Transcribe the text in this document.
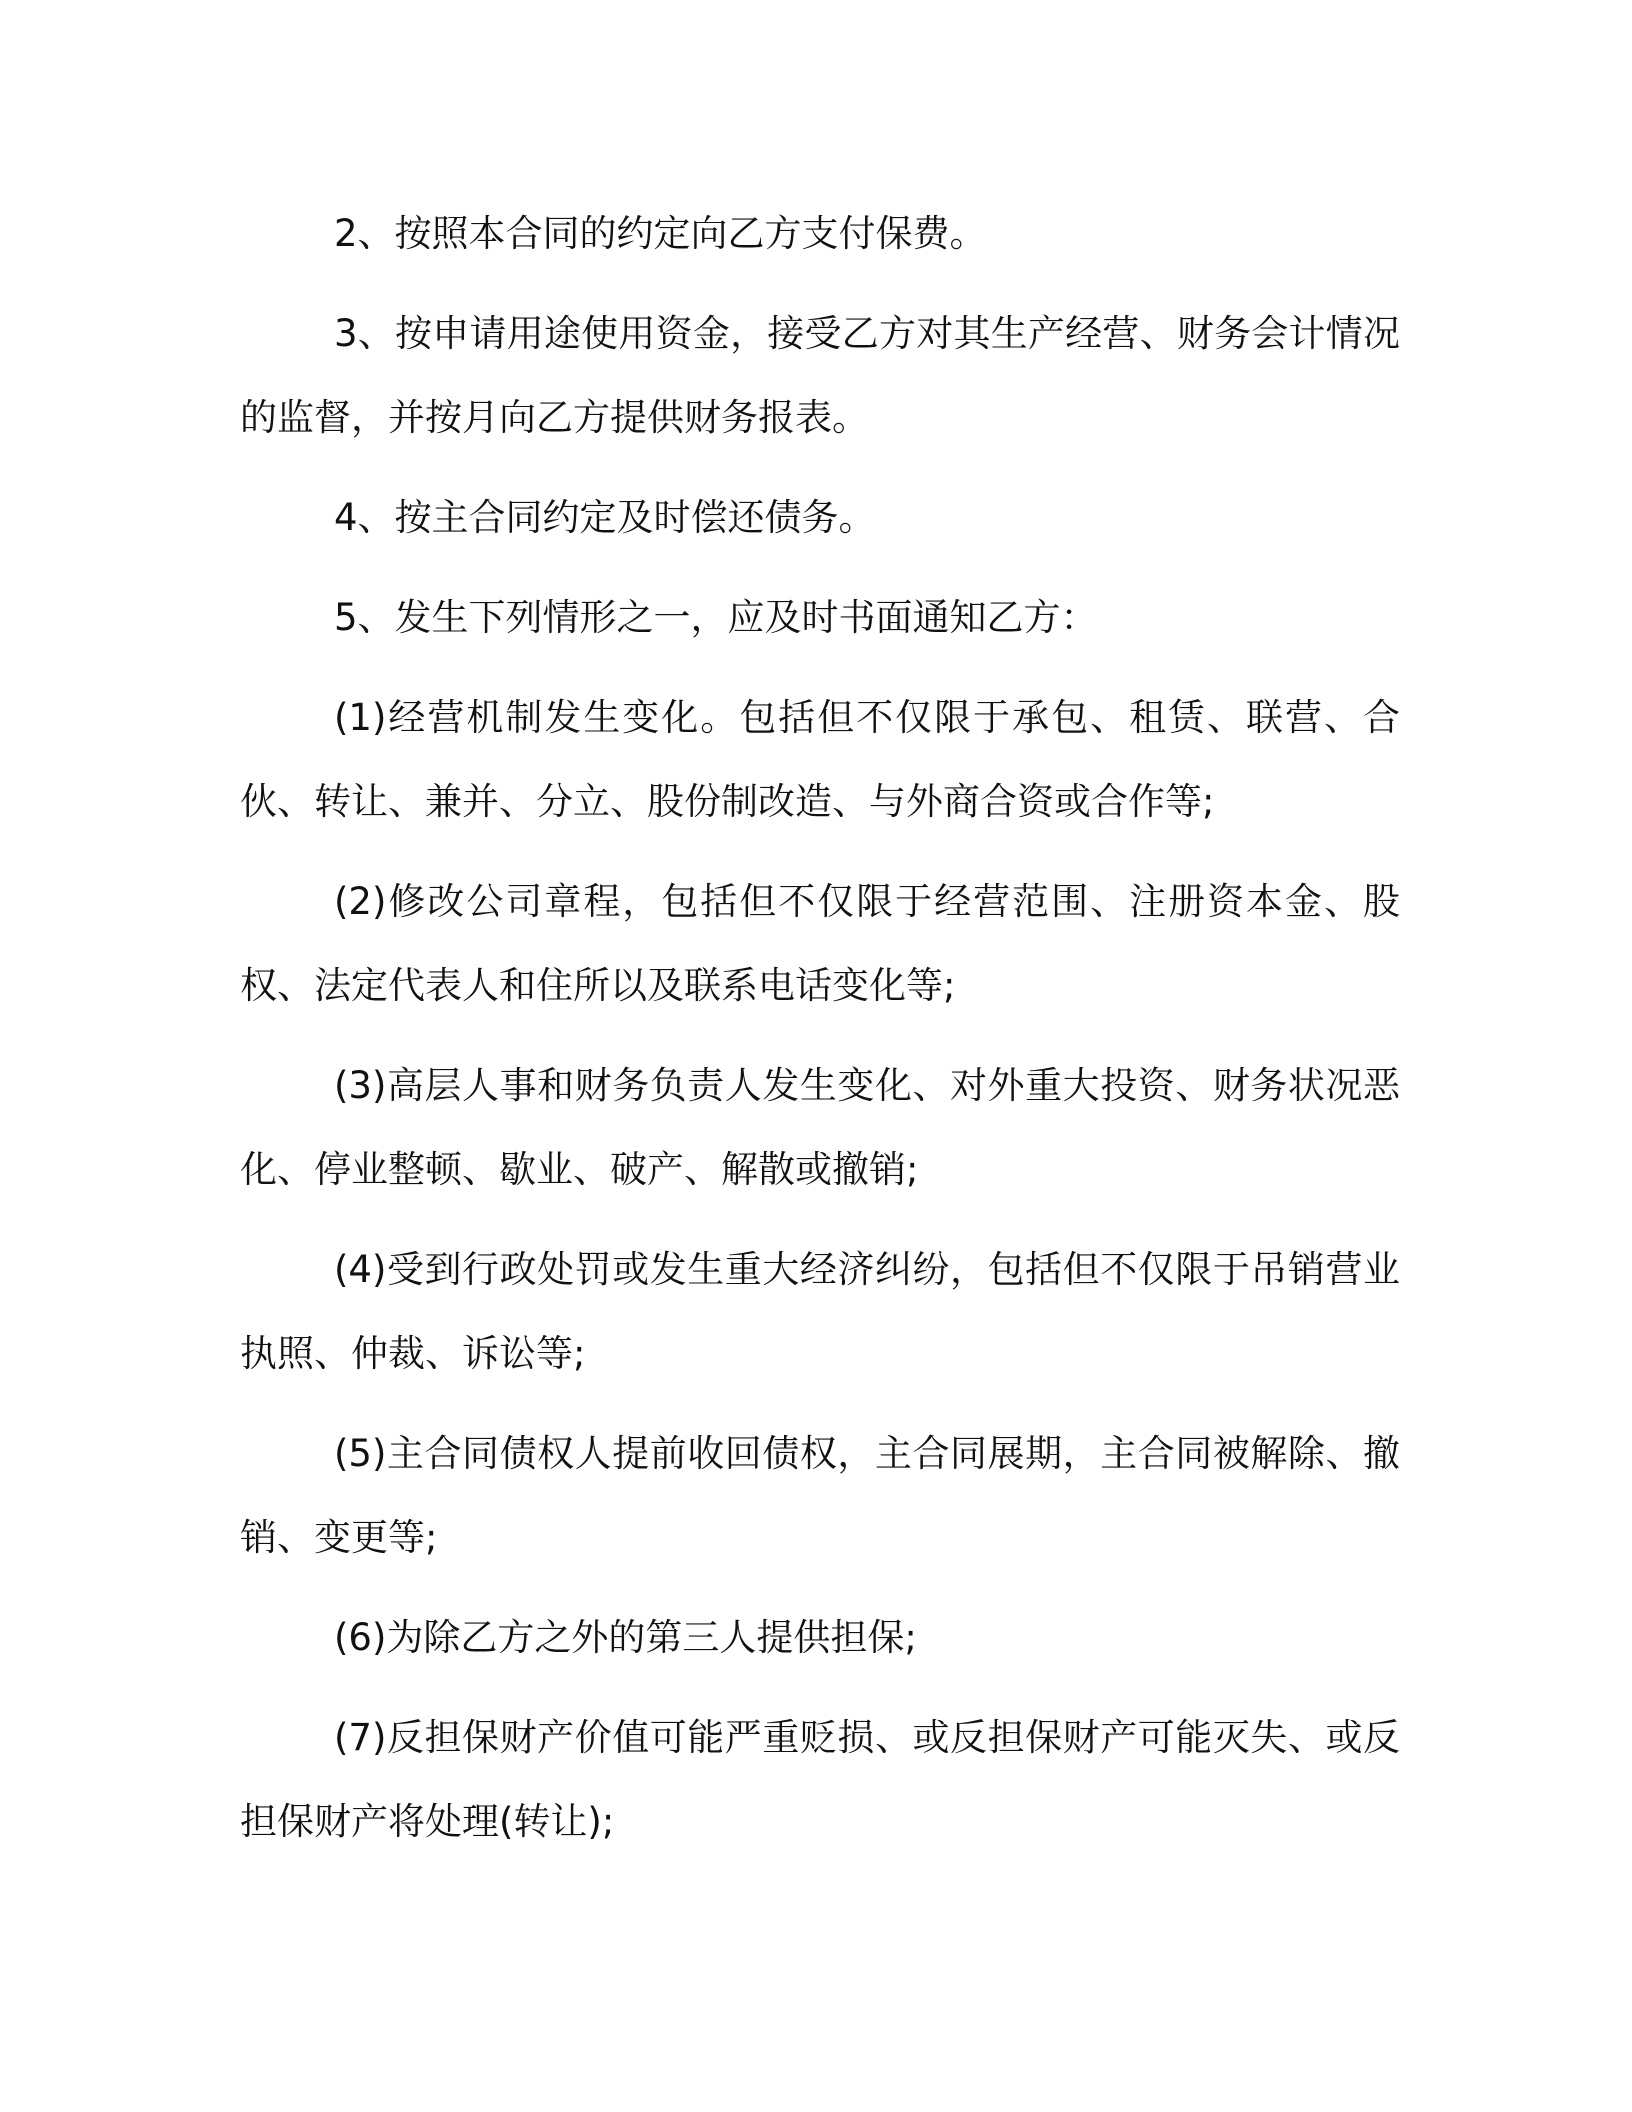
2、按照本合同的约定向乙方支付保费。

3、按申请用途使用资金，接受乙方对其生产经营、财务会计情况的监督，并按月向乙方提供财务报表。

4、按主合同约定及时偿还债务。

5、发生下列情形之一，应及时书面通知乙方：

(1)经营机制发生变化。包括但不仅限于承包、租赁、联营、合伙、转让、兼并、分立、股份制改造、与外商合资或合作等;

(2)修改公司章程，包括但不仅限于经营范围、注册资本金、股权、法定代表人和住所以及联系电话变化等;

(3)高层人事和财务负责人发生变化、对外重大投资、财务状况恶化、停业整顿、歇业、破产、解散或撤销;

(4)受到行政处罚或发生重大经济纠纷，包括但不仅限于吊销营业执照、仲裁、诉讼等;

(5)主合同债权人提前收回债权，主合同展期，主合同被解除、撤销、变更等;

(6)为除乙方之外的第三人提供担保;

(7)反担保财产价值可能严重贬损、或反担保财产可能灭失、或反担保财产将处理(转让);
